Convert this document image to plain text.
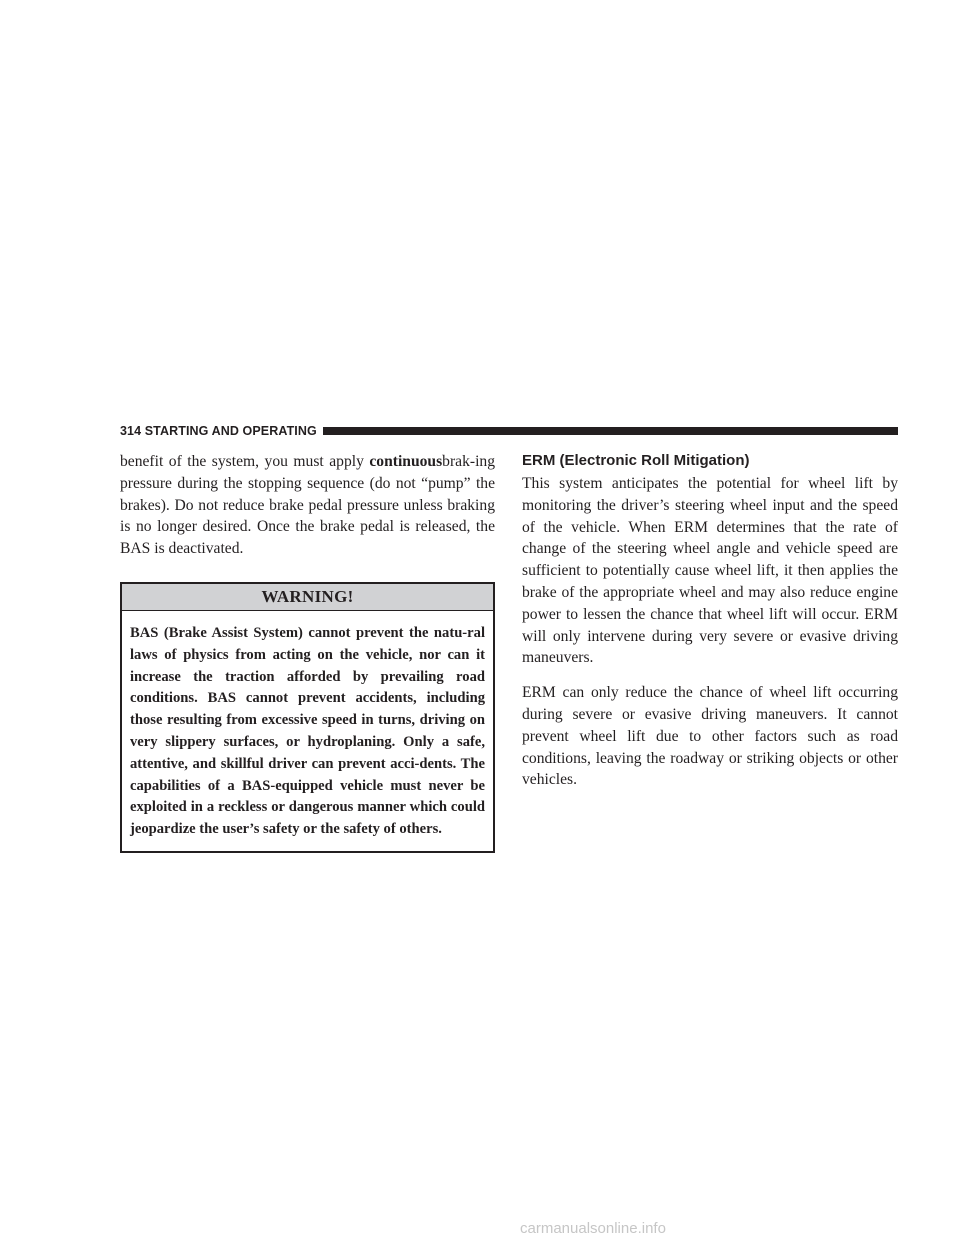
314 STARTING AND OPERATING

benefit of the system, you must apply continuousbrak-ing pressure during the stopping sequence (do not “pump” the brakes). Do not reduce brake pedal pressure unless braking is no longer desired. Once the brake pedal is released, the BAS is deactivated.

WARNING!
BAS (Brake Assist System) cannot prevent the natu-ral laws of physics from acting on the vehicle, nor can it increase the traction afforded by prevailing road conditions. BAS cannot prevent accidents, including those resulting from excessive speed in turns, driving on very slippery surfaces, or hydroplaning. Only a safe, attentive, and skillful driver can prevent acci-dents. The capabilities of a BAS-equipped vehicle must never be exploited in a reckless or dangerous manner which could jeopardize the user’s safety or the safety of others.
ERM (Electronic Roll Mitigation)

This system anticipates the potential for wheel lift by monitoring the driver’s steering wheel input and the speed of the vehicle. When ERM determines that the rate of change of the steering wheel angle and vehicle speed are sufficient to potentially cause wheel lift, it then applies the brake of the appropriate wheel and may also reduce engine power to lessen the chance that wheel lift will occur. ERM will only intervene during very severe or evasive driving maneuvers.

ERM can only reduce the chance of wheel lift occurring during severe or evasive driving maneuvers. It cannot prevent wheel lift due to other factors such as road conditions, leaving the roadway or striking objects or other vehicles.

carmanualsonline.info
